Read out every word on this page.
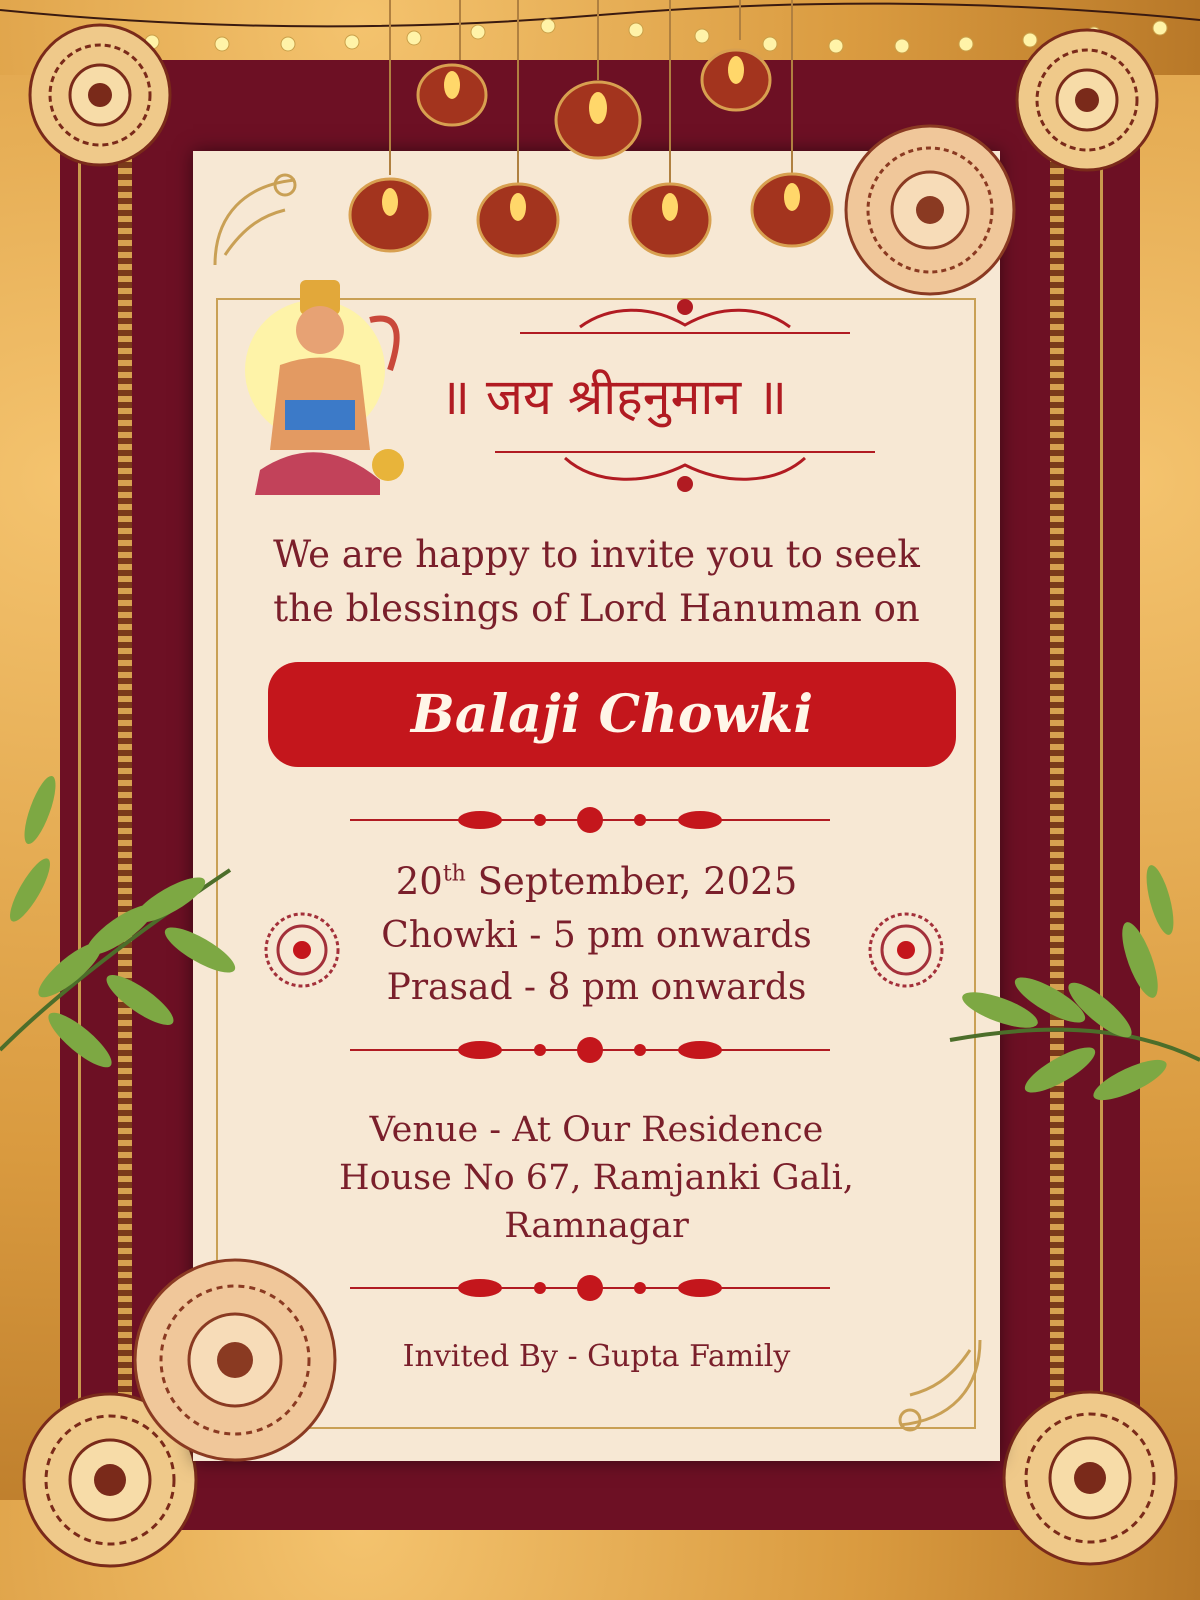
॥ जय श्रीहनुमान ॥
We are happy to invite you to seek
the blessings of Lord Hanuman on
Balaji Chowki
20th September, 2025
Chowki - 5 pm onwards
Prasad - 8 pm onwards
Venue - At Our Residence
House No 67, Ramjanki Gali,
Ramnagar
Invited By - Gupta Family
